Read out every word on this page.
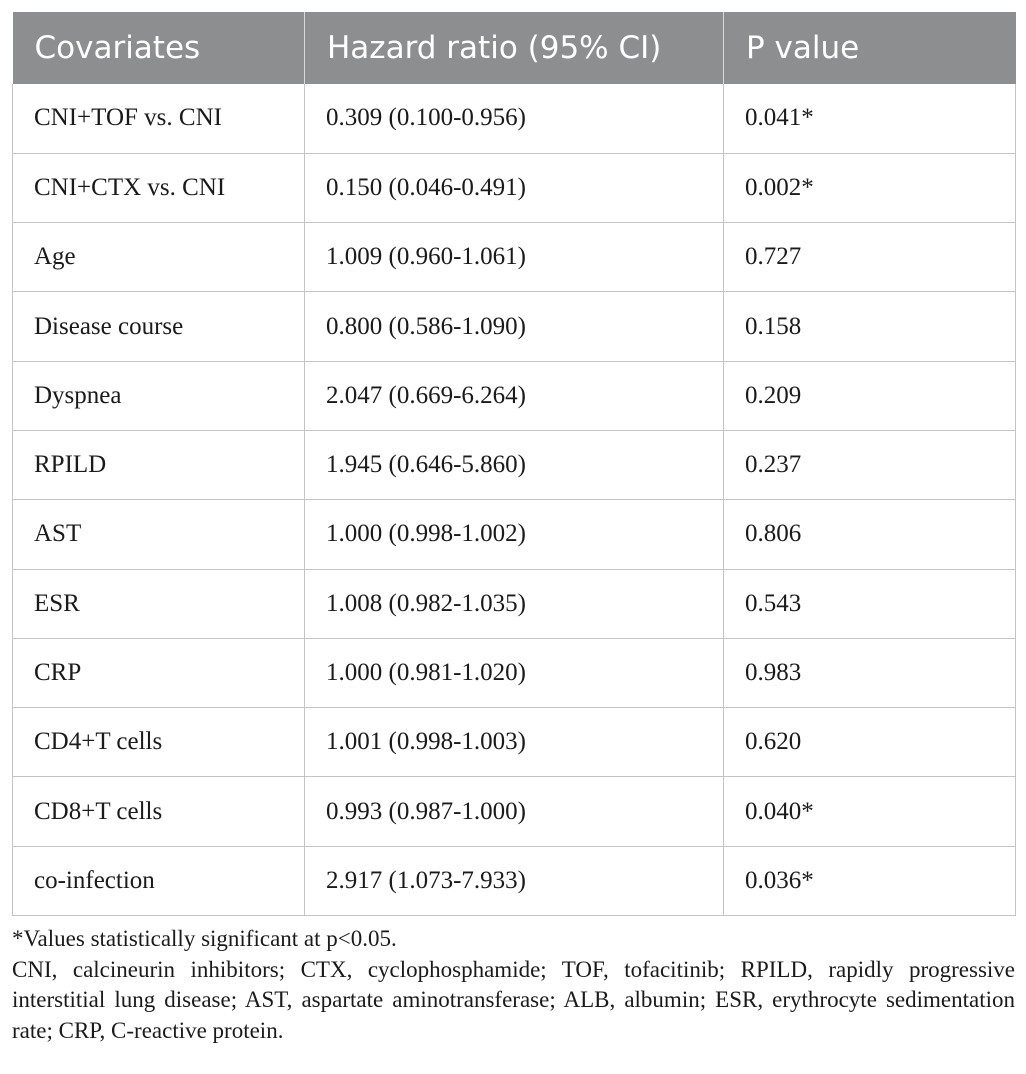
Covariates	Hazard ratio (95% CI)	P value
CNI+TOF vs. CNI	0.309 (0.100-0.956)	0.041*
CNI+CTX vs. CNI	0.150 (0.046-0.491)	0.002*
Age	1.009 (0.960-1.061)	0.727
Disease course	0.800 (0.586-1.090)	0.158
Dyspnea	2.047 (0.669-6.264)	0.209
RPILD	1.945 (0.646-5.860)	0.237
AST	1.000 (0.998-1.002)	0.806
ESR	1.008 (0.982-1.035)	0.543
CRP	1.000 (0.981-1.020)	0.983
CD4+T cells	1.001 (0.998-1.003)	0.620
CD8+T cells	0.993 (0.987-1.000)	0.040*
co-infection	2.917 (1.073-7.933)	0.036*

*Values statistically significant at p<0.05.

CNI, calcineurin inhibitors; CTX, cyclophosphamide; TOF, tofacitinib; RPILD, rapidly progressive interstitial lung disease; AST, aspartate aminotransferase; ALB, albumin; ESR, erythrocyte sedimentation rate; CRP, C-reactive protein.
